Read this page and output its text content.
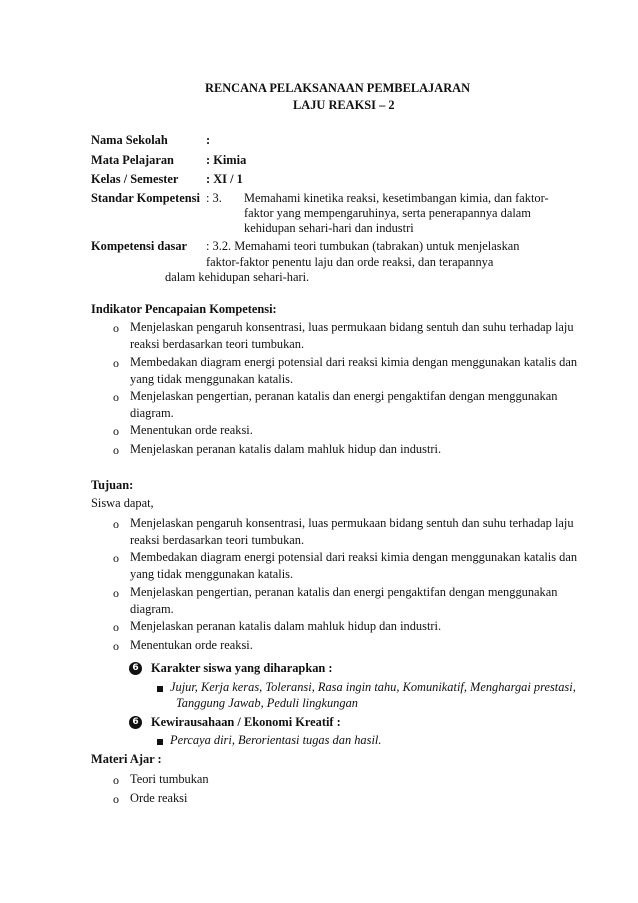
RENCANA PELAKSANAAN PEMBELAJARAN
LAJU REAKSI – 2
Nama Sekolah	:
Mata Pelajaran	: Kimia
Kelas / Semester : XI / 1
Standar Kompetensi : 3. Memahami kinetika reaksi, kesetimbangan kimia, dan faktor-
faktor yang mempengaruhinya, serta penerapannya dalam
kehidupan sehari-hari dan industri
Kompetensi dasar : 3.2. Memahami teori tumbukan (tabrakan) untuk menjelaskan
faktor-faktor penentu laju dan orde reaksi, dan terapannya
dalam kehidupan sehari-hari.
Indikator Pencapaian Kompetensi:
o Menjelaskan pengaruh konsentrasi, luas permukaan bidang sentuh dan suhu terhadap laju reaksi berdasarkan teori tumbukan.
o Membedakan diagram energi potensial dari reaksi kimia dengan menggunakan katalis dan yang tidak menggunakan katalis.
o Menjelaskan pengertian, peranan katalis dan energi pengaktifan dengan menggunakan diagram.
o Menentukan orde reaksi.
o Menjelaskan peranan katalis dalam mahluk hidup dan industri.
Tujuan:
Siswa dapat,
o Menjelaskan pengaruh konsentrasi, luas permukaan bidang sentuh dan suhu terhadap laju reaksi berdasarkan teori tumbukan.
o Membedakan diagram energi potensial dari reaksi kimia dengan menggunakan katalis dan yang tidak menggunakan katalis.
o Menjelaskan pengertian, peranan katalis dan energi pengaktifan dengan menggunakan diagram.
o Menjelaskan peranan katalis dalam mahluk hidup dan industri.
o Menentukan orde reaksi.
6 Karakter siswa yang diharapkan :
Jujur, Kerja keras, Toleransi, Rasa ingin tahu, Komunikatif, Menghargai prestasi,
Tanggung Jawab, Peduli lingkungan
6 Kewirausahaan / Ekonomi Kreatif :
Percaya diri, Berorientasi tugas dan hasil.
Materi Ajar :
o Teori tumbukan
o Orde reaksi
